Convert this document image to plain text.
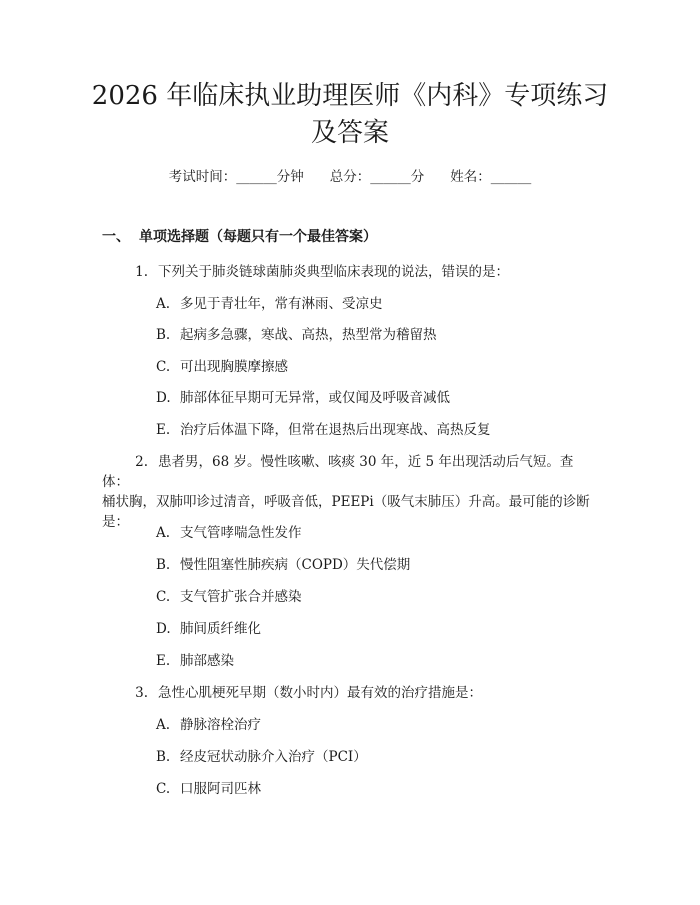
2026 年临床执业助理医师《内科》专项练习及答案
考试时间：______分钟 总分：______分 姓名：______
一、 单项选择题（每题只有一个最佳答案）
1. 下列关于肺炎链球菌肺炎典型临床表现的说法，错误的是：
A. 多见于青壮年，常有淋雨、受凉史
B. 起病多急骤，寒战、高热，热型常为稽留热
C. 可出现胸膜摩擦感
D. 肺部体征早期可无异常，或仅闻及呼吸音减低
E. 治疗后体温下降，但常在退热后出现寒战、高热反复
2. 患者男，68 岁。慢性咳嗽、咳痰 30 年，近 5 年出现活动后气短。查体：
桶状胸，双肺叩诊过清音，呼吸音低，PEEPi（吸气末肺压）升高。最可能的诊断
是：
A. 支气管哮喘急性发作
B. 慢性阻塞性肺疾病（COPD）失代偿期
C. 支气管扩张合并感染
D. 肺间质纤维化
E. 肺部感染
3. 急性心肌梗死早期（数小时内）最有效的治疗措施是：
A. 静脉溶栓治疗
B. 经皮冠状动脉介入治疗（PCI）
C. 口服阿司匹林
